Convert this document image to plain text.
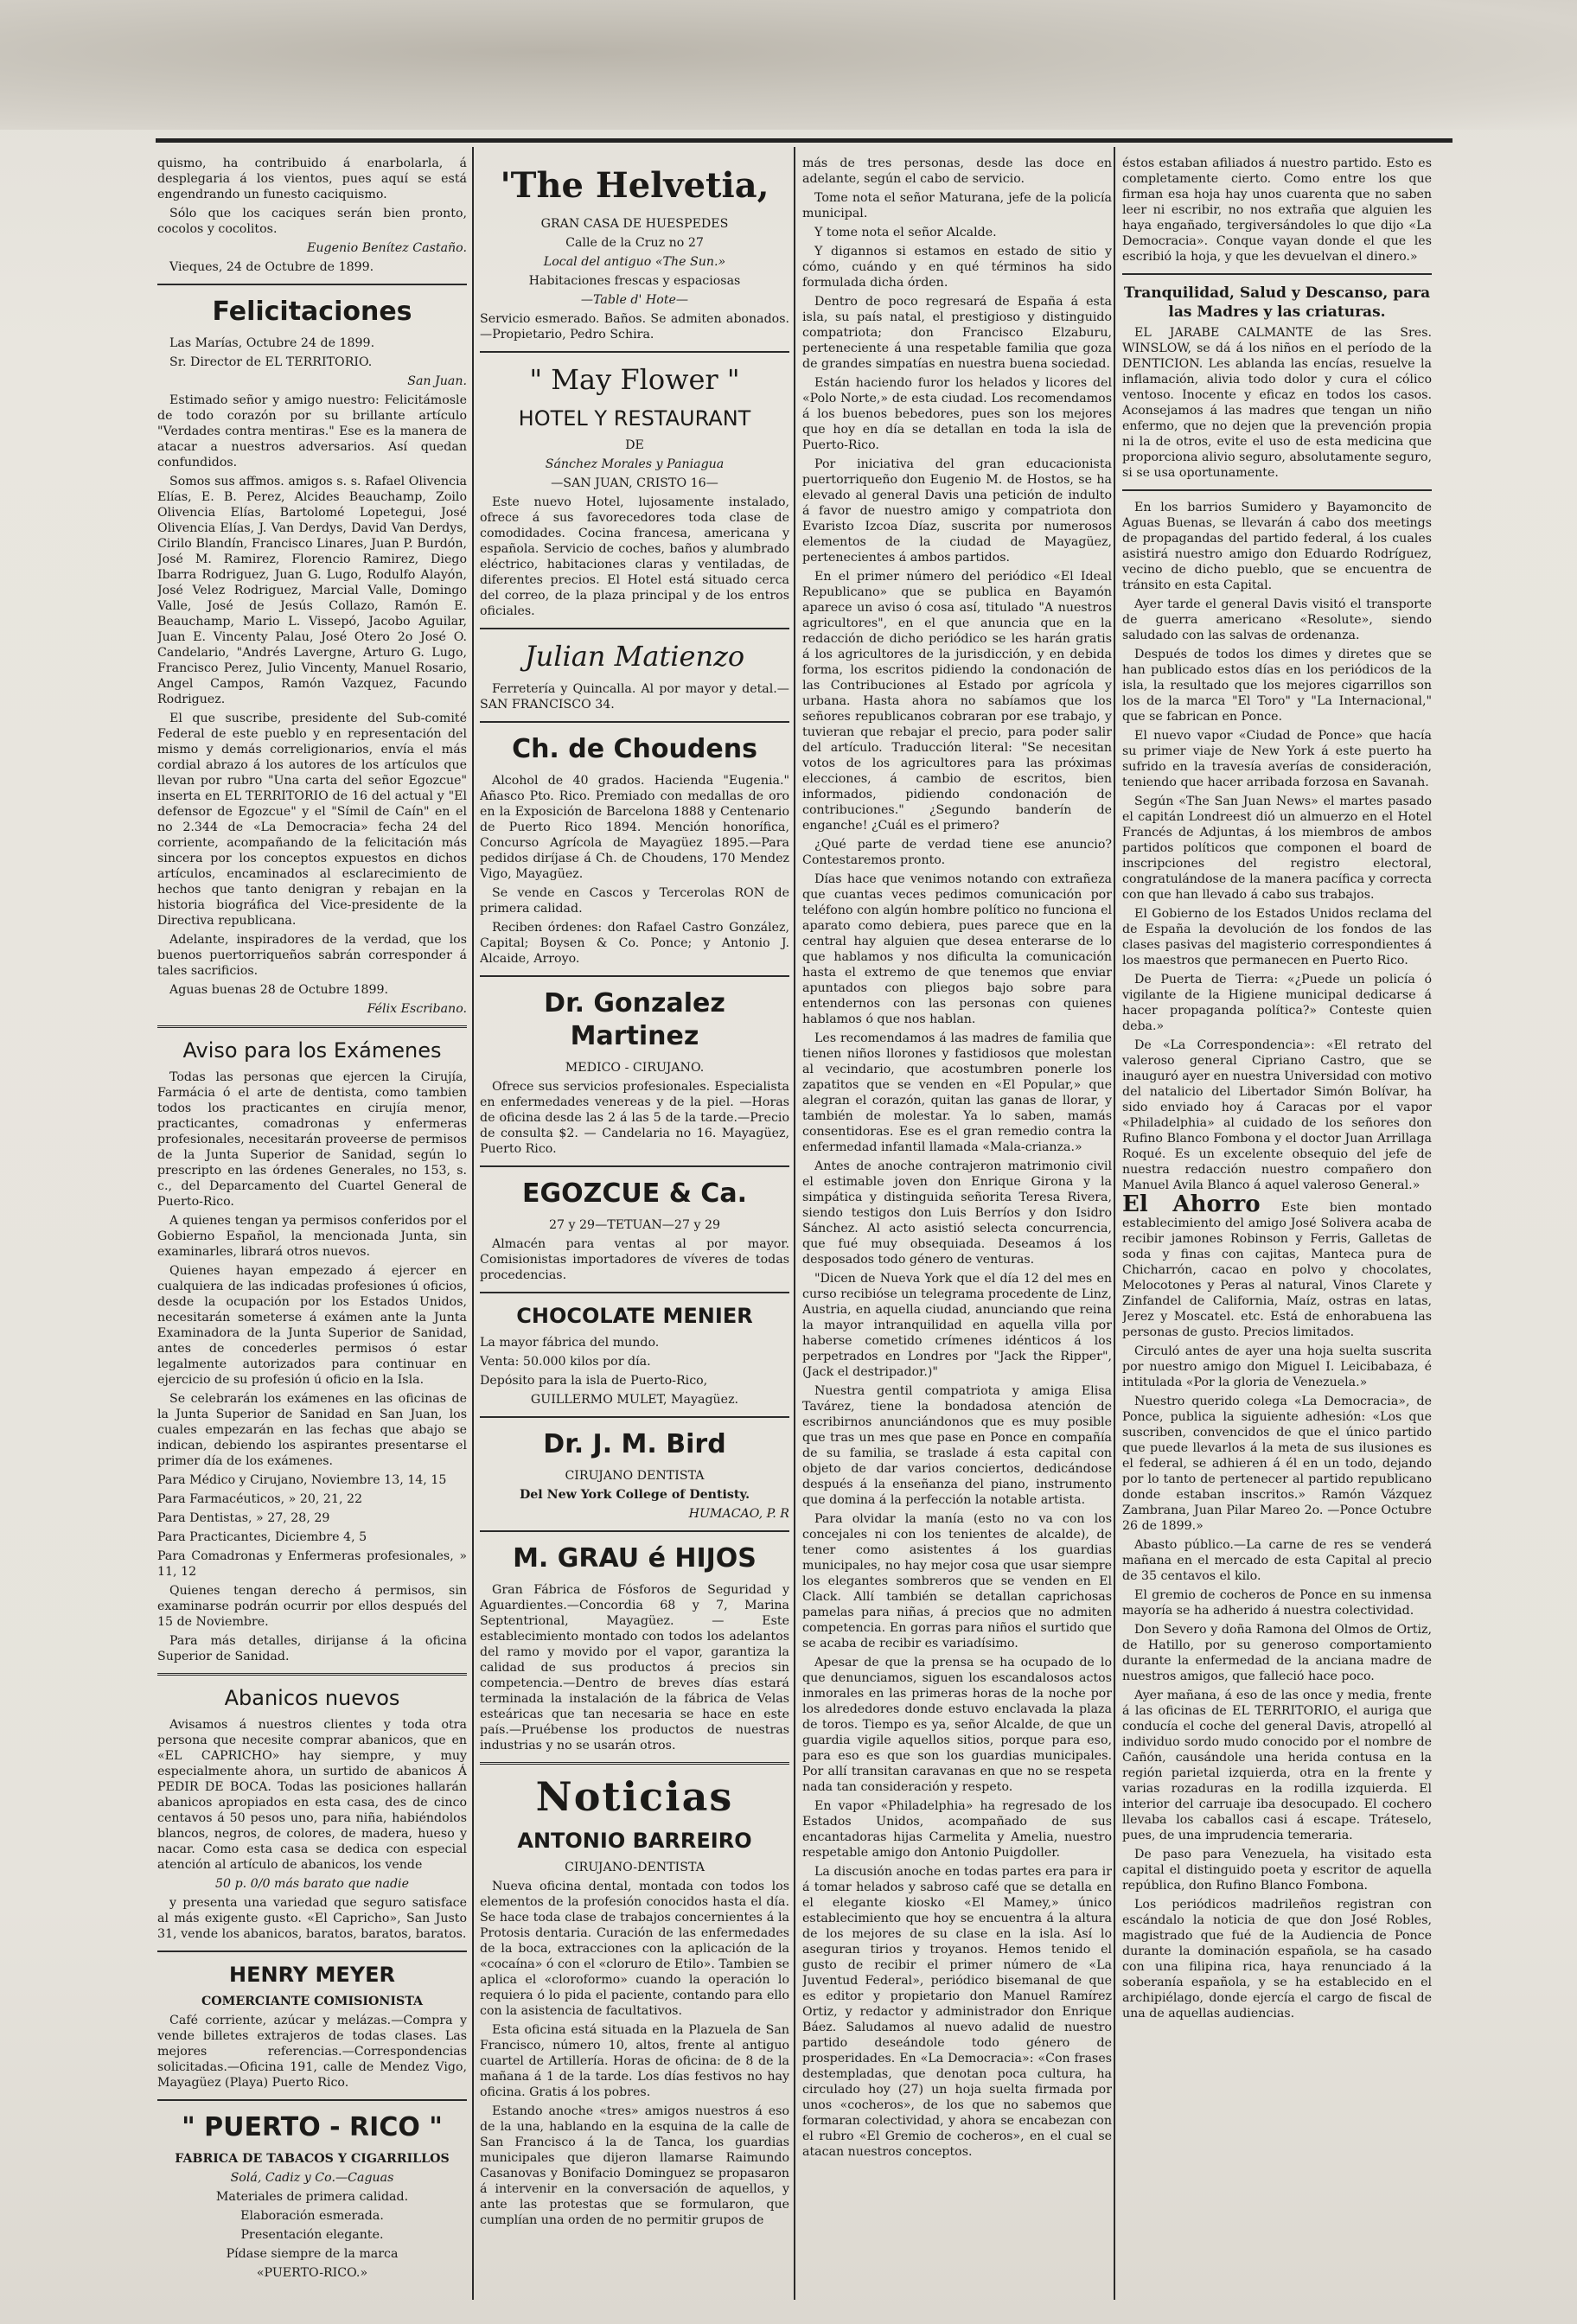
quismo, ha contribuido á enarbolarla, á desplegaria á los vientos, pues aquí se está engendrando un funesto caciquismo.

Sólo que los caciques serán bien pronto, cocolos y cocolitos.

Eugenio Benítez Castaño.

Vieques, 24 de Octubre de 1899.

Felicitaciones

Las Marías, Octubre 24 de 1899.

Sr. Director de EL TERRITORIO.

San Juan.

Estimado señor y amigo nuestro: Felicitámosle de todo corazón por su brillante artículo "Verdades contra mentiras." Ese es la manera de atacar a nuestros adversarios. Así quedan confundidos.

Somos sus affmos. amigos s. s. Rafael Olivencia Elías, E. B. Perez, Alcides Beauchamp, Zoilo Olivencia Elías, Bartolomé Lopetegui, José Olivencia Elías, J. Van Derdys, David Van Derdys, Cirilo Blandín, Francisco Linares, Juan P. Burdón, José M. Ramirez, Florencio Ramirez, Diego Ibarra Rodriguez, Juan G. Lugo, Rodulfo Alayón, José Velez Rodriguez, Marcial Valle, Domingo Valle, José de Jesús Collazo, Ramón E. Beauchamp, Mario L. Vissepó, Jacobo Aguilar, Juan E. Vincenty Palau, José Otero 2o José O. Candelario, "Andrés Lavergne, Arturo G. Lugo, Francisco Perez, Julio Vincenty, Manuel Rosario, Angel Campos, Ramón Vazquez, Facundo Rodriguez.

El que suscribe, presidente del Sub-comité Federal de este pueblo y en representación del mismo y demás correligionarios, envía el más cordial abrazo á los autores de los artículos que llevan por rubro "Una carta del señor Egozcue" inserta en EL TERRITORIO de 16 del actual y "El defensor de Egozcue" y el "Símil de Caín" en el no 2.344 de «La Democracia» fecha 24 del corriente, acompañando de la felicitación más sincera por los conceptos expuestos en dichos artículos, encaminados al esclarecimiento de hechos que tanto denigran y rebajan en la historia biográfica del Vice-presidente de la Directiva republicana.

Adelante, inspiradores de la verdad, que los buenos puertorriqueños sabrán corresponder á tales sacrificios.

Aguas buenas 28 de Octubre 1899.

Félix Escribano.

Aviso para los Exámenes

Todas las personas que ejercen la Cirujía, Farmácia ó el arte de dentista, como tambien todos los practicantes en cirujía menor, practicantes, comadronas y enfermeras profesionales, necesitarán proveerse de permisos de la Junta Superior de Sanidad, según lo prescripto en las órdenes Generales, no 153, s. c., del Deparcamento del Cuartel General de Puerto-Rico.

A quienes tengan ya permisos conferidos por el Gobierno Español, la mencionada Junta, sin examinarles, librará otros nuevos.

Quienes hayan empezado á ejercer en cualquiera de las indicadas profesiones ú oficios, desde la ocupación por los Estados Unidos, necesitarán someterse á exámen ante la Junta Examinadora de la Junta Superior de Sanidad, antes de concederles permisos ó estar legalmente autorizados para continuar en ejercicio de su profesión ú oficio en la Isla.

Se celebrarán los exámenes en las oficinas de la Junta Superior de Sanidad en San Juan, los cuales empezarán en las fechas que abajo se indican, debiendo los aspirantes presentarse el primer día de los exámenes.

Para Médico y Cirujano, Noviembre 13, 14, 15

Para Farmacéuticos, » 20, 21, 22

Para Dentistas, » 27, 28, 29

Para Practicantes, Diciembre 4, 5

Para Comadronas y Enfermeras profesionales, » 11, 12

Quienes tengan derecho á permisos, sin examinarse podrán ocurrir por ellos después del 15 de Noviembre.

Para más detalles, dirijanse á la oficina Superior de Sanidad.

Abanicos nuevos

Avisamos á nuestros clientes y toda otra persona que necesite comprar abanicos, que en «EL CAPRICHO» hay siempre, y muy especialmente ahora, un surtido de abanicos Á PEDIR DE BOCA. Todas las posiciones hallarán abanicos apropiados en esta casa, des de cinco centavos á 50 pesos uno, para niña, habiéndolos blancos, negros, de colores, de madera, hueso y nacar. Como esta casa se dedica con especial atención al artículo de abanicos, los vende

50 p. 0/0 más barato que nadie

y presenta una variedad que seguro satisface al más exigente gusto. «El Capricho», San Justo 31, vende los abanicos, baratos, baratos, baratos.

HENRY MEYER

COMERCIANTE COMISIONISTA

Café corriente, azúcar y melázas.—Compra y vende billetes extrajeros de todas clases. Las mejores referencias.—Correspondencias solicitadas.—Oficina 191, calle de Mendez Vigo, Mayagüez (Playa) Puerto Rico.

" PUERTO - RICO "

FABRICA DE TABACOS Y CIGARRILLOS

Solá, Cadiz y Co.—Caguas

Materiales de primera calidad.

Elaboración esmerada.

Presentación elegante.

Pídase siempre de la marca

«PUERTO-RICO.»

'The Helvetia,

GRAN CASA DE HUESPEDES

Calle de la Cruz no 27

Local del antiguo «The Sun.»

Habitaciones frescas y espaciosas

—Table d' Hote—

Servicio esmerado. Baños. Se admiten abonados.—Propietario, Pedro Schira.

" May Flower "
HOTEL Y RESTAURANT

DE

Sánchez Morales y Paniagua

—SAN JUAN, CRISTO 16—

Este nuevo Hotel, lujosamente instalado, ofrece á sus favorecedores toda clase de comodidades. Cocina francesa, americana y española. Servicio de coches, baños y alumbrado eléctrico, habitaciones claras y ventiladas, de diferentes precios. El Hotel está situado cerca del correo, de la plaza principal y de los entros oficiales.

Julian Matienzo

Ferretería y Quincalla. Al por mayor y detal.—SAN FRANCISCO 34.

Ch. de Choudens

Alcohol de 40 grados. Hacienda "Eugenia." Añasco Pto. Rico. Premiado con medallas de oro en la Exposición de Barcelona 1888 y Centenario de Puerto Rico 1894. Mención honorífica, Concurso Agrícola de Mayagüez 1895.—Para pedidos diríjase á Ch. de Choudens, 170 Mendez Vigo, Mayagüez.

Se vende en Cascos y Tercerolas RON de primera calidad.

Reciben órdenes: don Rafael Castro González, Capital; Boysen & Co. Ponce; y Antonio J. Alcaide, Arroyo.

Dr. Gonzalez Martinez

MEDICO - CIRUJANO.

Ofrece sus servicios profesionales. Especialista en enfermedades venereas y de la piel. —Horas de oficina desde las 2 á las 5 de la tarde.—Precio de consulta $2. — Candelaria no 16. Mayagüez, Puerto Rico.

EGOZCUE & Ca.

27 y 29—TETUAN—27 y 29

Almacén para ventas al por mayor. Comisionistas importadores de víveres de todas procedencias.

CHOCOLATE MENIER

La mayor fábrica del mundo.

Venta: 50.000 kilos por día.

Depósito para la isla de Puerto-Rico,

GUILLERMO MULET, Mayagüez.

Dr. J. M. Bird

CIRUJANO DENTISTA

Del New York College of Dentisty.

HUMACAO, P. R

M. GRAU é HIJOS

Gran Fábrica de Fósforos de Seguridad y Aguardientes.—Concordia 68 y 7, Marina Septentrional, Mayagüez. — Este establecimiento montado con todos los adelantos del ramo y movido por el vapor, garantiza la calidad de sus productos á precios sin competencia.—Dentro de breves días estará terminada la instalación de la fábrica de Velas esteáricas que tan necesaria se hace en este país.—Pruébense los productos de nuestras industrias y no se usarán otros.

Noticias
ANTONIO BARREIRO

CIRUJANO-DENTISTA

Nueva oficina dental, montada con todos los elementos de la profesión conocidos hasta el día. Se hace toda clase de trabajos concernientes á la Protosis dentaria. Curación de las enfermedades de la boca, extracciones con la aplicación de la «cocaína» ó con el «cloruro de Etilo». Tambien se aplica el «cloroformo» cuando la operación lo requiera ó lo pida el paciente, contando para ello con la asistencia de facultativos.

Esta oficina está situada en la Plazuela de San Francisco, número 10, altos, frente al antiguo cuartel de Artillería. Horas de oficina: de 8 de la mañana á 1 de la tarde. Los días festivos no hay oficina. Gratis á los pobres.

Estando anoche «tres» amigos nuestros á eso de la una, hablando en la esquina de la calle de San Francisco á la de Tanca, los guardias municipales que dijeron llamarse Raimundo Casanovas y Bonifacio Dominguez se propasaron á intervenir en la conversación de aquellos, y ante las protestas que se formularon, que cumplían una orden de no permitir grupos de

más de tres personas, desde las doce en adelante, según el cabo de servicio.

Tome nota el señor Maturana, jefe de la policía municipal.

Y tome nota el señor Alcalde.

Y digannos si estamos en estado de sitio y cómo, cuándo y en qué términos ha sido formulada dicha órden.

Dentro de poco regresará de España á esta isla, su país natal, el prestigioso y distinguido compatriota; don Francisco Elzaburu, perteneciente á una respetable familia que goza de grandes simpatías en nuestra buena sociedad.

Están haciendo furor los helados y licores del «Polo Norte,» de esta ciudad. Los recomendamos á los buenos bebedores, pues son los mejores que hoy en día se detallan en toda la isla de Puerto-Rico.

Por iniciativa del gran educacionista puertorriqueño don Eugenio M. de Hostos, se ha elevado al general Davis una petición de indulto á favor de nuestro amigo y compatriota don Evaristo Izcoa Díaz, suscrita por numerosos elementos de la ciudad de Mayagüez, pertenecientes á ambos partidos.

En el primer número del periódico «El Ideal Republicano» que se publica en Bayamón aparece un aviso ó cosa así, titulado "A nuestros agricultores", en el que anuncia que en la redacción de dicho periódico se les harán gratis á los agricultores de la jurisdicción, y en debida forma, los escritos pidiendo la condonación de las Contribuciones al Estado por agrícola y urbana. Hasta ahora no sabíamos que los señores republicanos cobraran por ese trabajo, y tuvieran que rebajar el precio, para poder salir del artículo. Traducción literal: "Se necesitan votos de los agricultores para las próximas elecciones, á cambio de escritos, bien informados, pidiendo condonación de contribuciones." ¿Segundo banderín de enganche! ¿Cuál es el primero?

¿Qué parte de verdad tiene ese anuncio? Contestaremos pronto.

Días hace que venimos notando con extrañeza que cuantas veces pedimos comunicación por teléfono con algún hombre político no funciona el aparato como debiera, pues parece que en la central hay alguien que desea enterarse de lo que hablamos y nos dificulta la comunicación hasta el extremo de que tenemos que enviar apuntados con pliegos bajo sobre para entendernos con las personas con quienes hablamos ó que nos hablan.

Les recomendamos á las madres de familia que tienen niños llorones y fastidiosos que molestan al vecindario, que acostumbren ponerle los zapatitos que se venden en «El Popular,» que alegran el corazón, quitan las ganas de llorar, y también de molestar. Ya lo saben, mamás consentidoras. Ese es el gran remedio contra la enfermedad infantil llamada «Mala-crianza.»

Antes de anoche contrajeron matrimonio civil el estimable joven don Enrique Girona y la simpática y distinguida señorita Teresa Rivera, siendo testigos don Luis Berríos y don Isidro Sánchez. Al acto asistió selecta concurrencia, que fué muy obsequiada. Deseamos á los desposados todo género de venturas.

"Dicen de Nueva York que el día 12 del mes en curso recibióse un telegrama procedente de Linz, Austria, en aquella ciudad, anunciando que reina la mayor intranquilidad en aquella villa por haberse cometido crímenes idénticos á los perpetrados en Londres por "Jack the Ripper", (Jack el destripador.)"

Nuestra gentil compatriota y amiga Elisa Tavárez, tiene la bondadosa atención de escribirnos anunciándonos que es muy posible que tras un mes que pase en Ponce en compañía de su familia, se traslade á esta capital con objeto de dar varios conciertos, dedicándose después á la enseñanza del piano, instrumento que domina á la perfección la notable artista.

Para olvidar la manía (esto no va con los concejales ni con los tenientes de alcalde), de tener como asistentes á los guardias municipales, no hay mejor cosa que usar siempre los elegantes sombreros que se venden en El Clack. Allí también se detallan caprichosas pamelas para niñas, á precios que no admiten competencia. En gorras para niños el surtido que se acaba de recibir es variadísimo.

Apesar de que la prensa se ha ocupado de lo que denunciamos, siguen los escandalosos actos inmorales en las primeras horas de la noche por los alrededores donde estuvo enclavada la plaza de toros. Tiempo es ya, señor Alcalde, de que un guardia vigile aquellos sitios, porque para eso, para eso es que son los guardias municipales. Por allí transitan caravanas en que no se respeta nada tan consideración y respeto.

En vapor «Philadelphia» ha regresado de los Estados Unidos, acompañado de sus encantadoras hijas Carmelita y Amelia, nuestro respetable amigo don Antonio Puigdoller.

La discusión anoche en todas partes era para ir á tomar helados y sabroso café que se detalla en el elegante kiosko «El Mamey,» único establecimiento que hoy se encuentra á la altura de los mejores de su clase en la isla. Así lo aseguran tirios y troyanos. Hemos tenido el gusto de recibir el primer número de «La Juventud Federal», periódico bisemanal de que es editor y propietario don Manuel Ramírez Ortiz, y redactor y administrador don Enrique Báez. Saludamos al nuevo adalid de nuestro partido deseándole todo género de prosperidades. En «La Democracia»: «Con frases destempladas, que denotan poca cultura, ha circulado hoy (27) un hoja suelta firmada por unos «cocheros», de los que no sabemos que formaran colectividad, y ahora se encabezan con el rubro «El Gremio de cocheros», en el cual se atacan nuestros conceptos.

éstos estaban afiliados á nuestro partido. Esto es completamente cierto. Como entre los que firman esa hoja hay unos cuarenta que no saben leer ni escribir, no nos extraña que alguien les haya engañado, tergiversándoles lo que dijo «La Democracia». Conque vayan donde el que les escribió la hoja, y que les devuelvan el dinero.»

Tranquilidad, Salud y Descanso, para las Madres y las criaturas.

EL JARABE CALMANTE de las Sres. WINSLOW, se dá á los niños en el período de la DENTICION. Les ablanda las encías, resuelve la inflamación, alivia todo dolor y cura el cólico ventoso. Inocente y eficaz en todos los casos. Aconsejamos á las madres que tengan un niño enfermo, que no dejen que la prevención propia ni la de otros, evite el uso de esta medicina que proporciona alivio seguro, absolutamente seguro, si se usa oportunamente.

En los barrios Sumidero y Bayamoncito de Aguas Buenas, se llevarán á cabo dos meetings de propagandas del partido federal, á los cuales asistirá nuestro amigo don Eduardo Rodríguez, vecino de dicho pueblo, que se encuentra de tránsito en esta Capital.

Ayer tarde el general Davis visitó el transporte de guerra americano «Resolute», siendo saludado con las salvas de ordenanza.

Después de todos los dimes y diretes que se han publicado estos días en los periódicos de la isla, la resultado que los mejores cigarrillos son los de la marca "El Toro" y "La Internacional," que se fabrican en Ponce.

El nuevo vapor «Ciudad de Ponce» que hacía su primer viaje de New York á este puerto ha sufrido en la travesía averías de consideración, teniendo que hacer arribada forzosa en Savanah.

Según «The San Juan News» el martes pasado el capitán Londreest dió un almuerzo en el Hotel Francés de Adjuntas, á los miembros de ambos partidos políticos que componen el board de inscripciones del registro electoral, congratulándose de la manera pacífica y correcta con que han llevado á cabo sus trabajos.

El Gobierno de los Estados Unidos reclama del de España la devolución de los fondos de las clases pasivas del magisterio correspondientes á los maestros que permanecen en Puerto Rico.

De Puerta de Tierra: «¿Puede un policía ó vigilante de la Higiene municipal dedicarse á hacer propaganda política?» Conteste quien deba.»

De «La Correspondencia»: «El retrato del valeroso general Cipriano Castro, que se inauguró ayer en nuestra Universidad con motivo del natalicio del Libertador Simón Bolívar, ha sido enviado hoy á Caracas por el vapor «Philadelphia» al cuidado de los señores don Rufino Blanco Fombona y el doctor Juan Arrillaga Roqué. Es un excelente obsequio del jefe de nuestra redacción nuestro compañero don Manuel Avila Blanco á aquel valeroso General.»

El Ahorro Este bien montado establecimiento del amigo José Solivera acaba de recibir jamones Robinson y Ferris, Galletas de soda y finas con cajitas, Manteca pura de Chicharrón, cacao en polvo y chocolates, Melocotones y Peras al natural, Vinos Clarete y Zinfandel de California, Maíz, ostras en latas, Jerez y Moscatel. etc. Está de enhorabuena las personas de gusto. Precios limitados.

Circuló antes de ayer una hoja suelta suscrita por nuestro amigo don Miguel I. Leicibabaza, é intitulada «Por la gloria de Venezuela.»

Nuestro querido colega «La Democracia», de Ponce, publica la siguiente adhesión: «Los que suscriben, convencidos de que el único partido que puede llevarlos á la meta de sus ilusiones es el federal, se adhieren á él en un todo, dejando por lo tanto de pertenecer al partido republicano donde estaban inscritos.» Ramón Vázquez Zambrana, Juan Pilar Mareo 2o. —Ponce Octubre 26 de 1899.»

Abasto público.—La carne de res se venderá mañana en el mercado de esta Capital al precio de 35 centavos el kilo.

El gremio de cocheros de Ponce en su inmensa mayoría se ha adherido á nuestra colectividad.

Don Severo y doña Ramona del Olmos de Ortiz, de Hatillo, por su generoso comportamiento durante la enfermedad de la anciana madre de nuestros amigos, que falleció hace poco.

Ayer mañana, á eso de las once y media, frente á las oficinas de EL TERRITORIO, el auriga que conducía el coche del general Davis, atropelló al individuo sordo mudo conocido por el nombre de Cañón, causándole una herida contusa en la región parietal izquierda, otra en la frente y varias rozaduras en la rodilla izquierda. El interior del carruaje iba desocupado. El cochero llevaba los caballos casi á escape. Tráteselo, pues, de una imprudencia temeraria.

De paso para Venezuela, ha visitado esta capital el distinguido poeta y escritor de aquella república, don Rufino Blanco Fombona.

Los periódicos madrileños registran con escándalo la noticia de que don José Robles, magistrado que fué de la Audiencia de Ponce durante la dominación española, se ha casado con una filipina rica, haya renunciado á la soberanía española, y se ha establecido en el archipiélago, donde ejercía el cargo de fiscal de una de aquellas audiencias.
